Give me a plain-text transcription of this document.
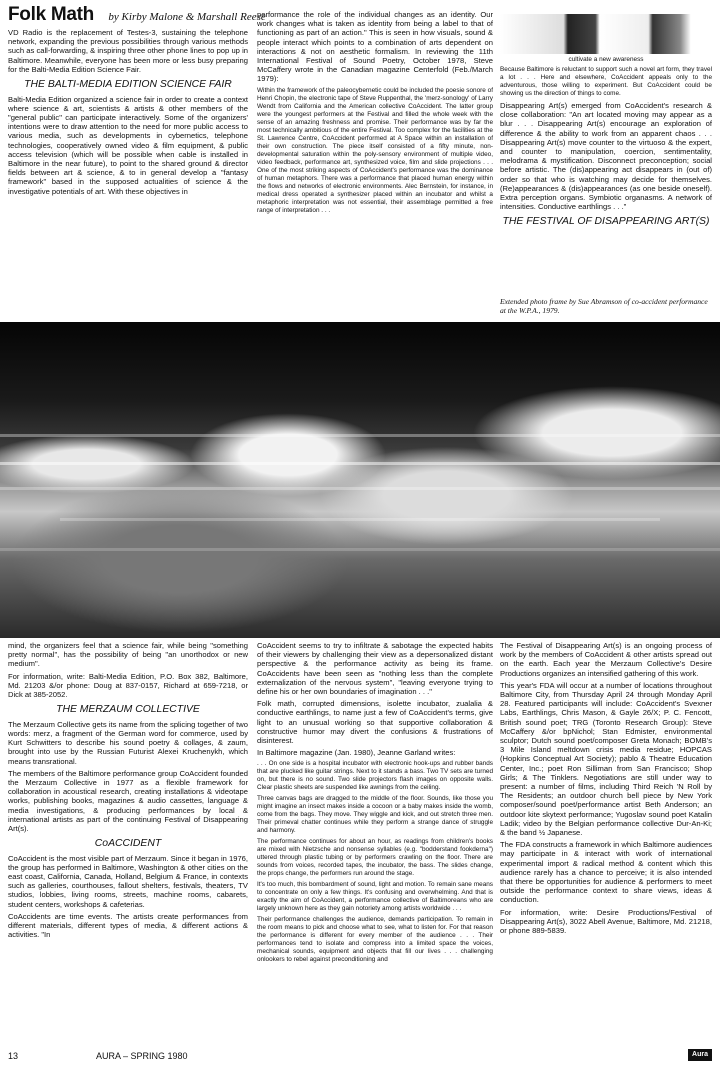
Folk Math by Kirby Malone & Marshall Reese

VD Radio is the replacement of Testes-3, sustaining the telephone network, expanding the previous possibilities through various methods such as call-forwarding, & inspiring three other phone lines to pop up in Baltimore. Meanwhile, everyone has been more or less busy preparing for the Balti-Media Edition Science Fair.

THE BALTI-MEDIA EDITION SCIENCE FAIR

Balti-Media Edition organized a science fair in order to create a context where science & art, scientists & artists & other members of the "general public" can participate interactively. Some of the organizers' intentions were to draw attention to the need for more public access to various media, such as developments in cybernetics, telephone technologies, cooperatively owned video & film equipment, & public access television (which will be possible when cable is installed in Baltimore in the near future), to point to the shared ground & director fields between art & science, & to in general develop a "fantasy framework" based in the supposed actualities of science & the investigative potentials of art. With these objectives in

performance the role of the individual changes as an identity. Our work changes what is taken as identity from being a label to that of functioning as part of an action." This is seen in how visuals, sound & people interact which points to a combination of arts dependent on interactions & not on aesthetic formalism. In reviewing the 11th International Festival of Sound Poetry, October 1978, Steve McCaffery wrote in the Canadian magazine Centerfold (Feb./March 1979):

Within the framework of the paleocybernetic could be included the poesie sonore of Henri Chopin, the electronic tape of Steve Ruppenthal, the 'merz-sonology' of Larry Wendt from California and the American collective CoAccident. The latter group were the youngest performers at the Festival and filled the whole week with the sense of an amazing freshness and promise. Their performance was by far the most technically ambitious of the entire Festival. Too complex for the facilities at the St. Lawrence Centre, CoAccident performed at A Space within an installation of their own construction. The piece itself consisted of a fifty minute, non-developmental saturation within the poly-sensory environment of multiple video, video feedback, performance art, synthesized voice, film and slide projections . . . One of the most striking aspects of CoAccident's performance was the dominance of human metaphors. There was a performance that placed human energy within the flows and networks of electronic environments. Alec Bernstein, for instance, in medical dress operated a synthesizer placed within an incubator and whilst a metaphoric interpretation was not essential, their assemblage permitted a free range of interpretation . . .

cultivate a new awareness

Because Baltimore is reluctant to support such a novel art form, they travel a lot . . . Here and elsewhere, CoAccident appeals only to the adventurous, those willing to experiment. But CoAccident could be showing us the direction of things to come.

Disappearing Art(s) emerged from CoAccident's research & close collaboration: "An art located moving may appear as a blur . . . Disappearing Art(s) encourage an exploration of difference & the ability to work from an apparent chaos . . . Disappearing Art(s) move counter to the virtuoso & the expert, and counter to manipulation, coercion, sentimentality, melodrama & mystification. Disconnect preconception; social before artistic. The (dis)appearing act disappears in (out of) order so that who is watching may decide for themselves. (Re)appearances & (dis)appearances (as one beside oneself). Extra perception organs. Symbiotic organasms. A network of intensities. Conductive earthlings . . ."

THE FESTIVAL OF DISAPPEARING ART(S)
Extended photo frame by Sue Abramson of co-accident performance at the W.P.A., 1979.

mind, the organizers feel that a science fair, while being "something pretty normal", has the possibility of being "an unorthodox or new medium".

For information, write: Balti-Media Edition, P.O. Box 382, Baltimore, Md. 21203 &/or phone: Doug at 837-0157, Richard at 659-7218, or Dick at 385-2052.

THE MERZAUM COLLECTIVE

The Merzaum Collective gets its name from the splicing together of two words: merz, a fragment of the German word for commerce, used by Kurt Schwitters to describe his sound poetry & collages, & zaum, brought into use by the Russian Futurist Alexei Kruchenykh, which means transrational.

The members of the Baltimore performance group CoAccident founded the Merzaum Collective in 1977 as a flexible framework for collaboration in acoustical research, creating installations & videotape works, publishing books, magazines & audio cassettes, language & media investigations, & producing performances by local & international artists as part of the continuing Festival of Disappearing Art(s).

CoACCIDENT

CoAccident is the most visible part of Merzaum. Since it began in 1976, the group has performed in Baltimore, Washington & other cities on the east coast, California, Canada, Holland, Belgium & France, in contexts such as galleries, courthouses, fallout shelters, festivals, theaters, TV studios, lobbies, living rooms, streets, machine rooms, cabarets, student centers, workshops & cafeterias.

CoAccidents are time events. The artists create performances from different materials, different types of media, & different actions & activities. "In

CoAccident seems to try to infiltrate & sabotage the expected habits of their viewers by challenging their view as a depersonalized distant perspective & the performance activity as being its frame. CoAccidents have been seen as "nothing less than the complete externalization of the nervous system", "leaving everyone trying to define his or her own boundaries of imagination . . ."

Folk math, corrupted dimensions, isolette incubator, zualalia & conductive earthlings, to name just a few of CoAccident's terms, give light to an unusual working so that supportive collaboration & constructive humor may divert the confusions & frustrations of disinterest.

In Baltimore magazine (Jan. 1980), Jeanne Garland writes:

. . . On one side is a hospital incubator with electronic hook-ups and rubber bands that are plucked like guitar strings. Next to it stands a bass. Two TV sets are turned on, but there is no sound. Two slide projectors flash images on opposite walls. Clear plastic sheets are suspended like awnings from the ceiling.

Three canvas bags are dragged to the middle of the floor. Sounds, like those you might imagine an insect makes inside a cocoon or a baby makes inside the womb, come from the bags. They move. They wiggle and kick, and out stretch three men. Their primeval chatter continues while they perform a strange dance of struggle and harmony.

The performance continues for about an hour, as readings from children's books are mixed with Nietzsche and nonsense syllables (e.g. "bodderstand fookderna") uttered through plastic tubing or by performers crawling on the floor. There are sounds from voices, recorded tapes, the incubator, the bass. The slides change, the props change, the performers run around the stage.

It's too much, this bombardment of sound, light and motion. To remain sane means to concentrate on only a few things. It's confusing and overwhelming. And that is exactly the aim of CoAccident, a performance collective of Baltimoreans who are largely unknown here as they gain notoriety among artists worldwide . . .

Their performance challenges the audience, demands participation. To remain in the room means to pick and choose what to see, what to listen for. For that reason the performance is different for every member of the audience . . . Their performances tend to isolate and compress into a limited space the voices, mechanical sounds, equipment and objects that fill our lives . . . challenging onlookers to rebel against preconditioning and

The Festival of Disappearing Art(s) is an ongoing process of work by the members of CoAccident & other artists spread out on the earth. Each year the Merzaum Collective's Desire Productions organizes an intensified gathering of this work.

This year's FDA will occur at a number of locations throughout Baltimore City, from Thursday April 24 through Monday April 28. Featured participants will include: CoAccident's Svexner Labs, Earthlings, Chris Mason, & Gayle 26/X; P. C. Fencott, British sound poet; TRG (Toronto Research Group): Steve McCaffery &/or bpNichol; Stan Edmister, environmental sculptor; Dutch sound poet/composer Greta Monach; BOMB's 3 Mile Island meltdown crisis media residue; HOPCAS (Hopkins Conceptual Art Society); pablo & Theatre Education Center, Inc.; poet Ron Silliman from San Francisco; Shop Girls; & The Tinklers. Negotiations are still under way to present: a number of films, including Third Reich 'N Roll by The Residents; an outdoor church bell piece by New York composer/sound poet/performance artist Beth Anderson; an outdoor kite skytext performance; Yugoslav sound poet Katalin Ladik; video by the Belgian performance collective Dur-An-Ki; & the band ½ Japanese.

The FDA constructs a framework in which Baltimore audiences may participate in & interact with work of international experimental import & radical method & content which this audience rarely has a chance to perceive; it is also intended that there be opportunities for audience & performers to meet outside the performance context to share views, ideas & conduction.

For information, write: Desire Productions/Festival of Disappearing Art(s), 3022 Abell Avenue, Baltimore, Md. 21218, or phone 889-5839.

13	AURA – SPRING 1980	Aura
